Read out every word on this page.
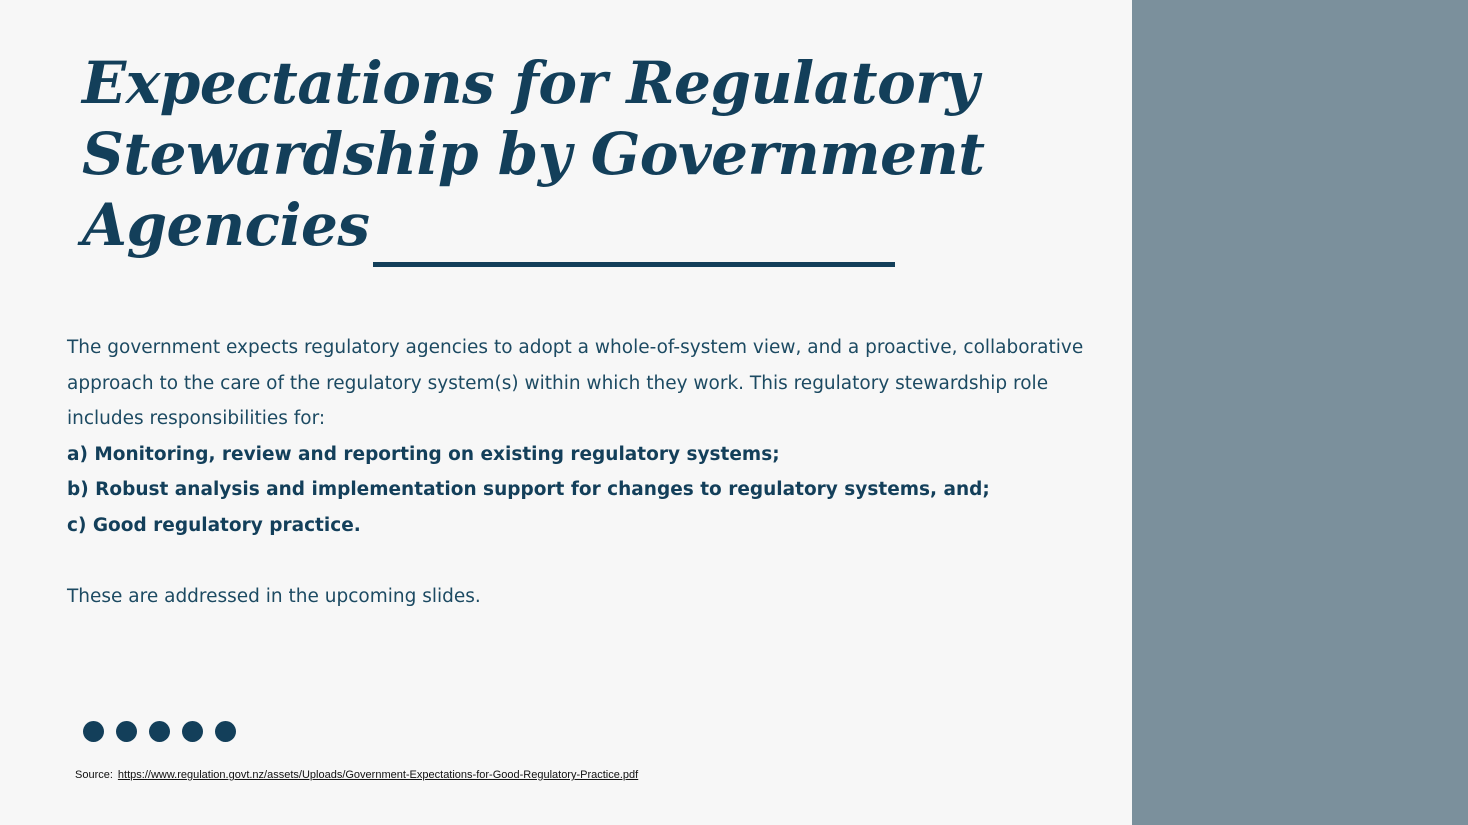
Expectations for Regulatory
Stewardship by Government
Agencies

The government expects regulatory agencies to adopt a whole-of-system view, and a proactive, collaborative approach to the care of the regulatory system(s) within which they work. This regulatory stewardship role includes responsibilities for:

a) Monitoring, review and reporting on existing regulatory systems;

b) Robust analysis and implementation support for changes to regulatory systems, and;

c) Good regulatory practice.

These are addressed in the upcoming slides.

Source: https://www.regulation.govt.nz/assets/Uploads/Government-Expectations-for-Good-Regulatory-Practice.pdf
